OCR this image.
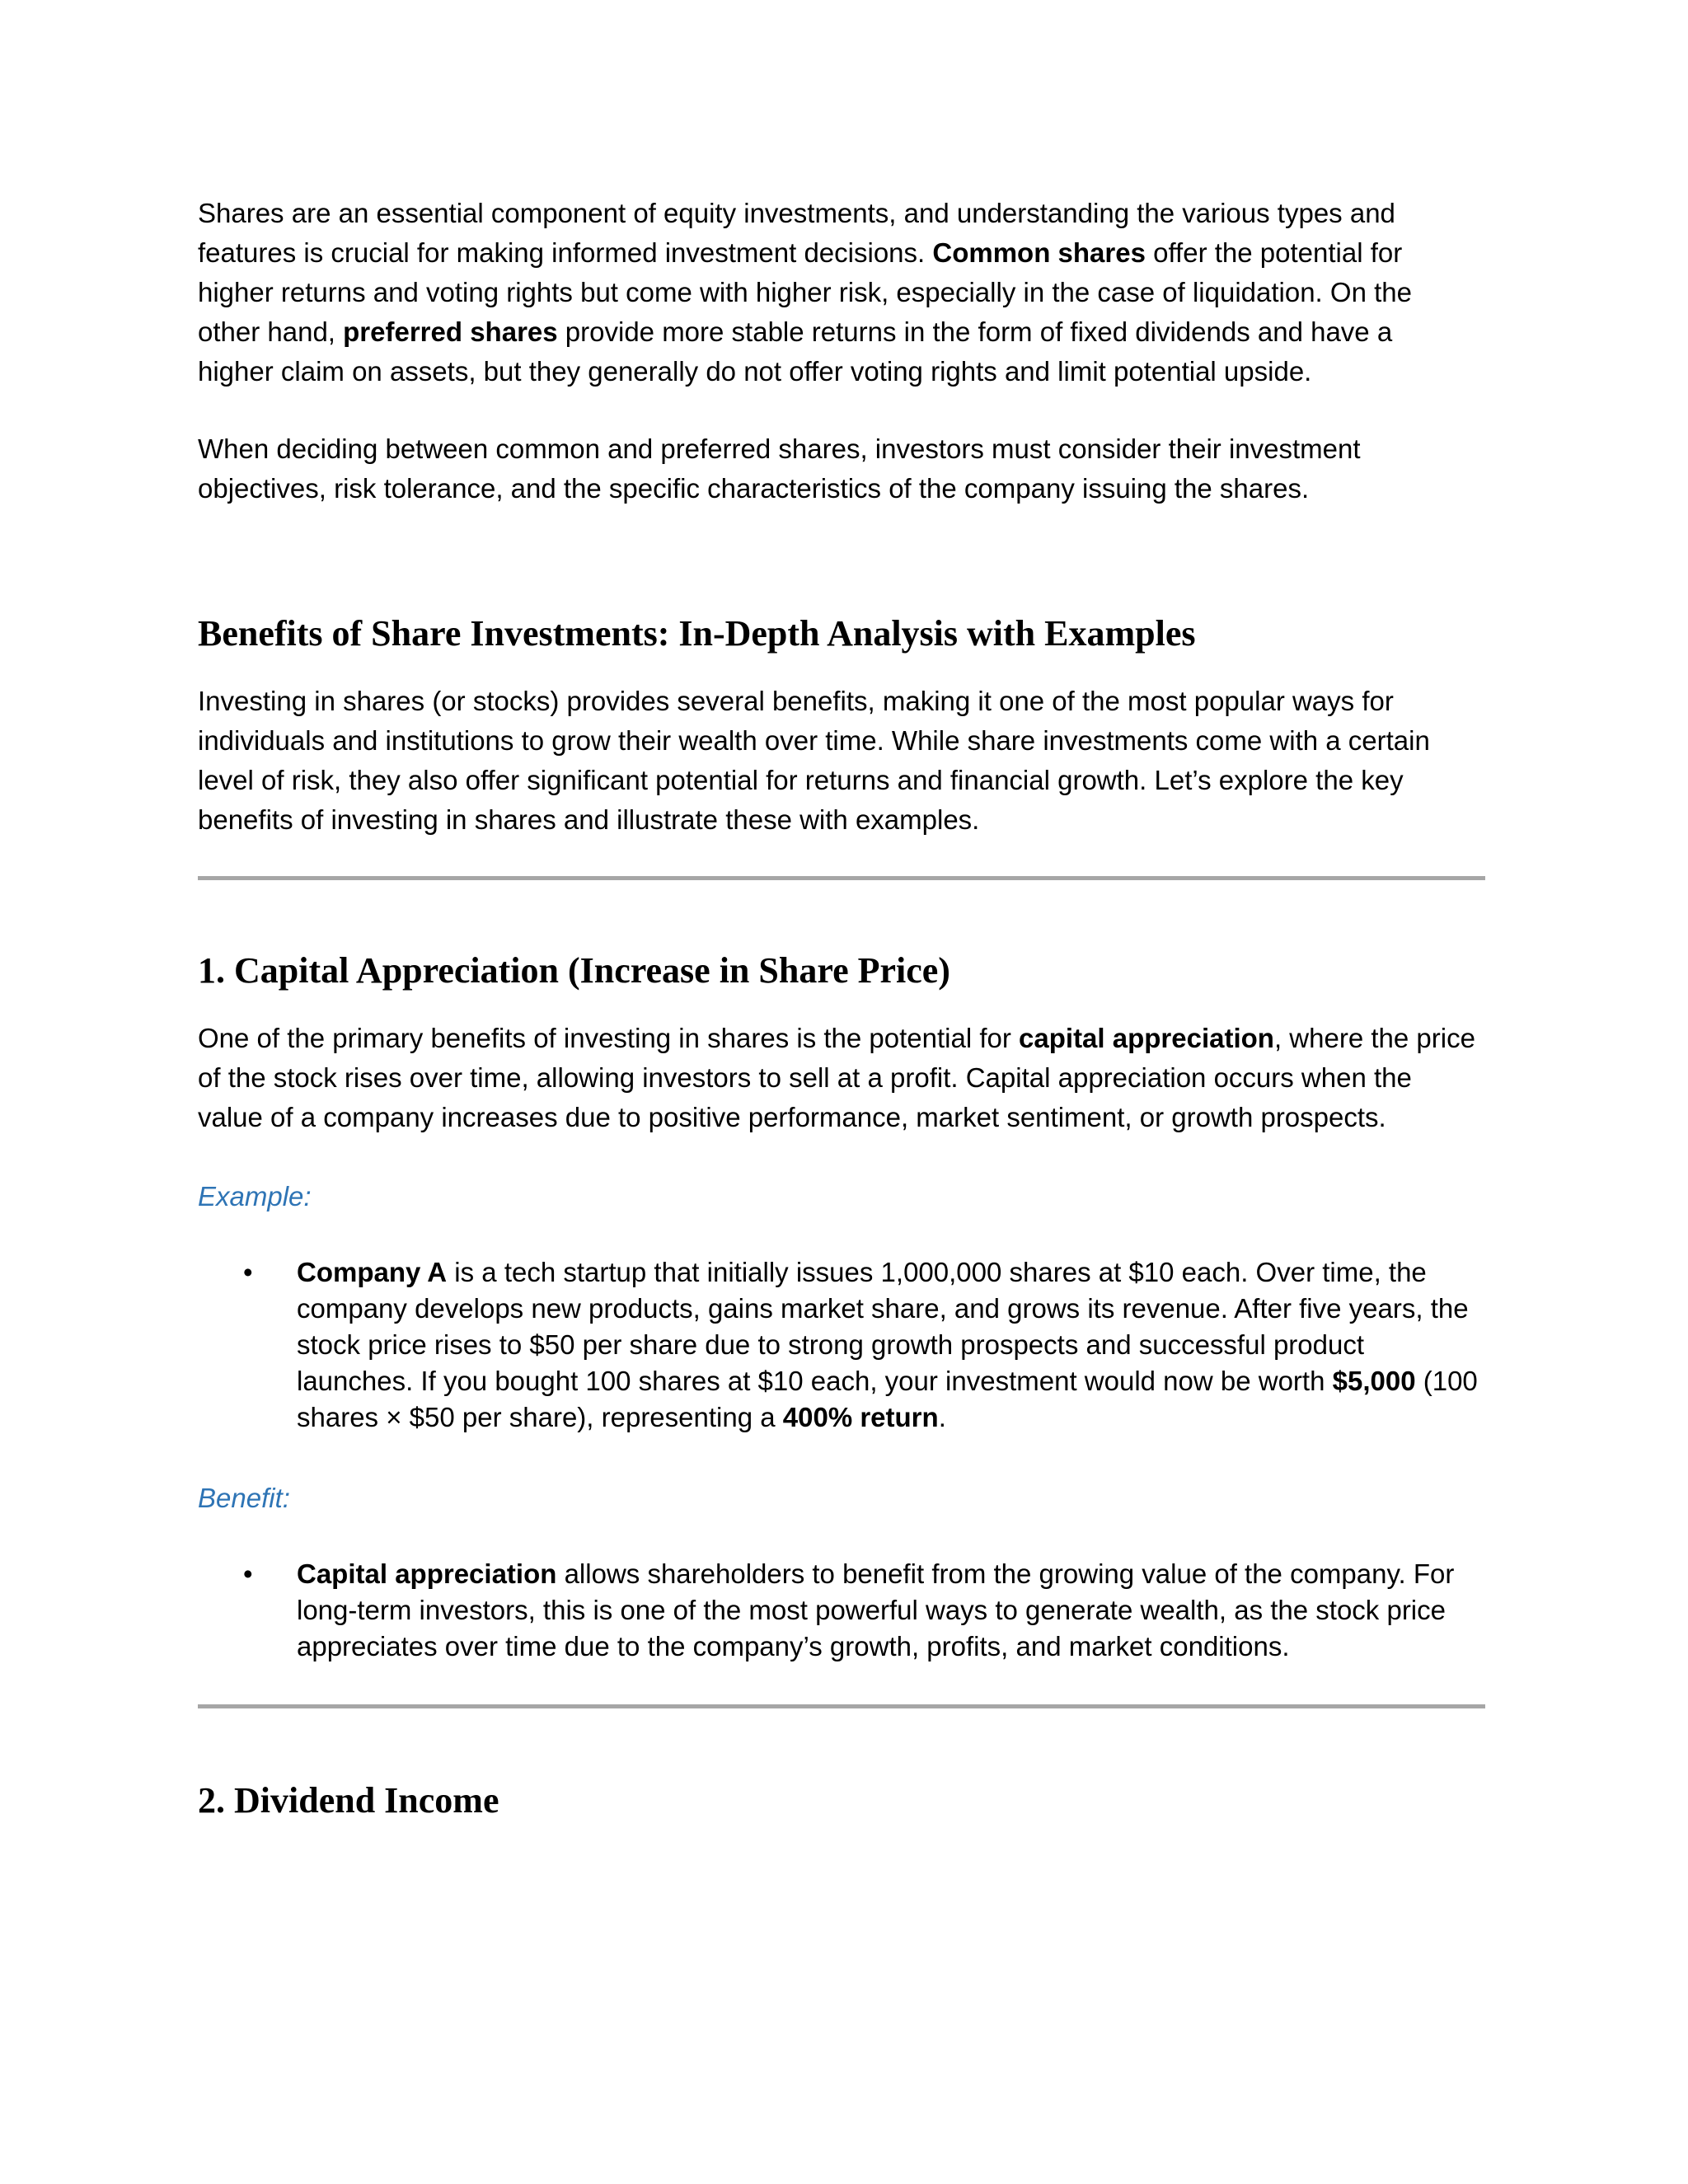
Shares are an essential component of equity investments, and understanding the various types and features is crucial for making informed investment decisions. Common shares offer the potential for higher returns and voting rights but come with higher risk, especially in the case of liquidation. On the other hand, preferred shares provide more stable returns in the form of fixed dividends and have a higher claim on assets, but they generally do not offer voting rights and limit potential upside.

When deciding between common and preferred shares, investors must consider their investment objectives, risk tolerance, and the specific characteristics of the company issuing the shares.

Benefits of Share Investments: In-Depth Analysis with Examples

Investing in shares (or stocks) provides several benefits, making it one of the most popular ways for individuals and institutions to grow their wealth over time. While share investments come with a certain level of risk, they also offer significant potential for returns and financial growth. Let’s explore the key benefits of investing in shares and illustrate these with examples.

1. Capital Appreciation (Increase in Share Price)

One of the primary benefits of investing in shares is the potential for capital appreciation, where the price of the stock rises over time, allowing investors to sell at a profit. Capital appreciation occurs when the value of a company increases due to positive performance, market sentiment, or growth prospects.

Example:

•	Company A is a tech startup that initially issues 1,000,000 shares at $10 each. Over time, the company develops new products, gains market share, and grows its revenue. After five years, the stock price rises to $50 per share due to strong growth prospects and successful product launches. If you bought 100 shares at $10 each, your investment would now be worth $5,000 (100 shares × $50 per share), representing a 400% return.

Benefit:

•	Capital appreciation allows shareholders to benefit from the growing value of the company. For long-term investors, this is one of the most powerful ways to generate wealth, as the stock price appreciates over time due to the company’s growth, profits, and market conditions.
2. Dividend Income
